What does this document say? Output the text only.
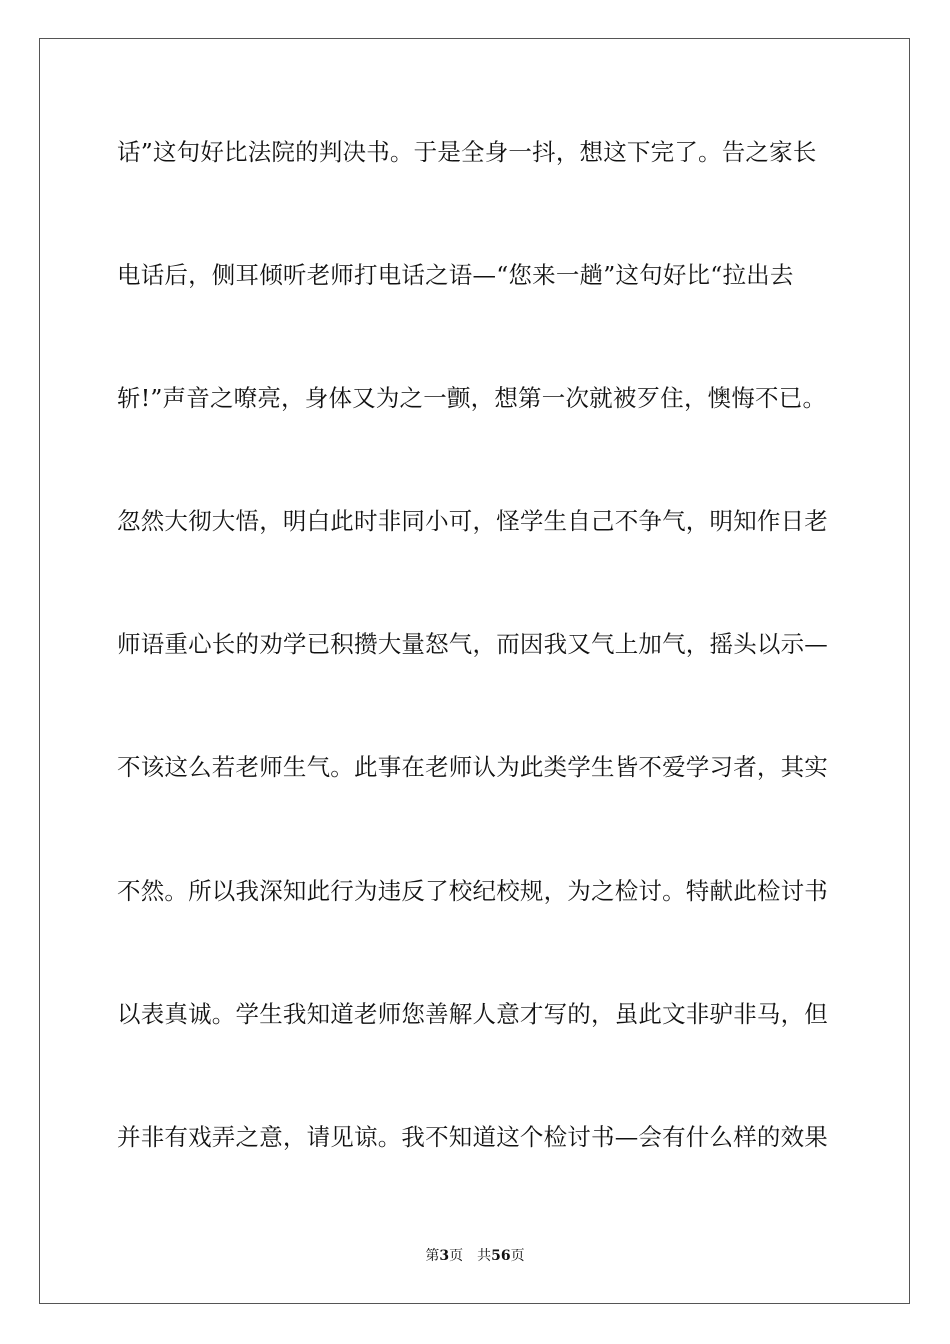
话”这句好比法院的判决书。于是全身一抖，想这下完了。告之家长
电话后，侧耳倾听老师打电话之语—“您来一趟”这句好比“拉出去
斩!”声音之嘹亮，身体又为之一颤，想第一次就被歹住，懊悔不已。
忽然大彻大悟，明白此时非同小可，怪学生自己不争气，明知作日老
师语重心长的劝学已积攒大量怒气，而因我又气上加气，摇头以示—
不该这么若老师生气。此事在老师认为此类学生皆不爱学习者，其实
不然。所以我深知此行为违反了校纪校规，为之检讨。特献此检讨书
以表真诚。学生我知道老师您善解人意才写的，虽此文非驴非马，但
并非有戏弄之意，请见谅。我不知道这个检讨书—会有什么样的效果
第3页 共56页
